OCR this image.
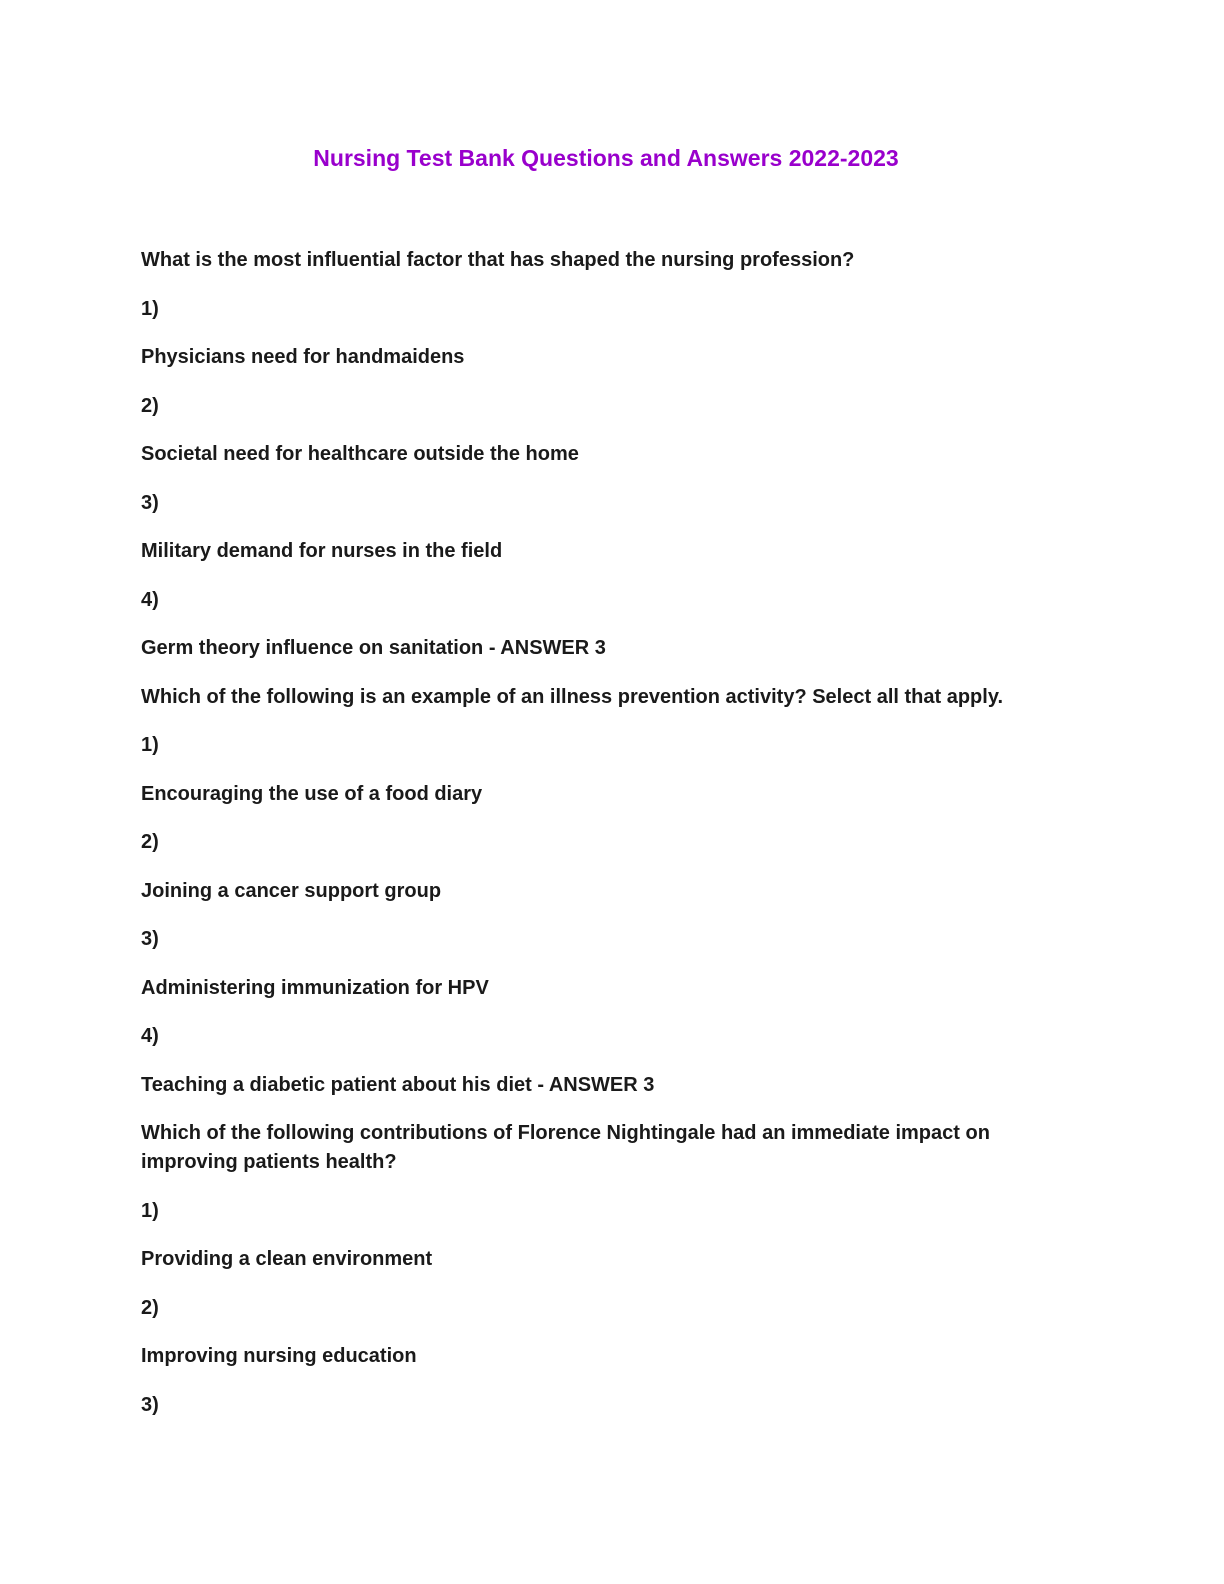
Nursing Test Bank Questions and Answers 2022-2023

What is the most influential factor that has shaped the nursing profession?

1)

Physicians need for handmaidens

2)

Societal need for healthcare outside the home

3)

Military demand for nurses in the field

4)

Germ theory influence on sanitation - ANSWER 3

Which of the following is an example of an illness prevention activity? Select all that apply.

1)

Encouraging the use of a food diary

2)

Joining a cancer support group

3)

Administering immunization for HPV

4)

Teaching a diabetic patient about his diet - ANSWER 3

Which of the following contributions of Florence Nightingale had an immediate impact on improving patients health?

1)

Providing a clean environment

2)

Improving nursing education

3)
